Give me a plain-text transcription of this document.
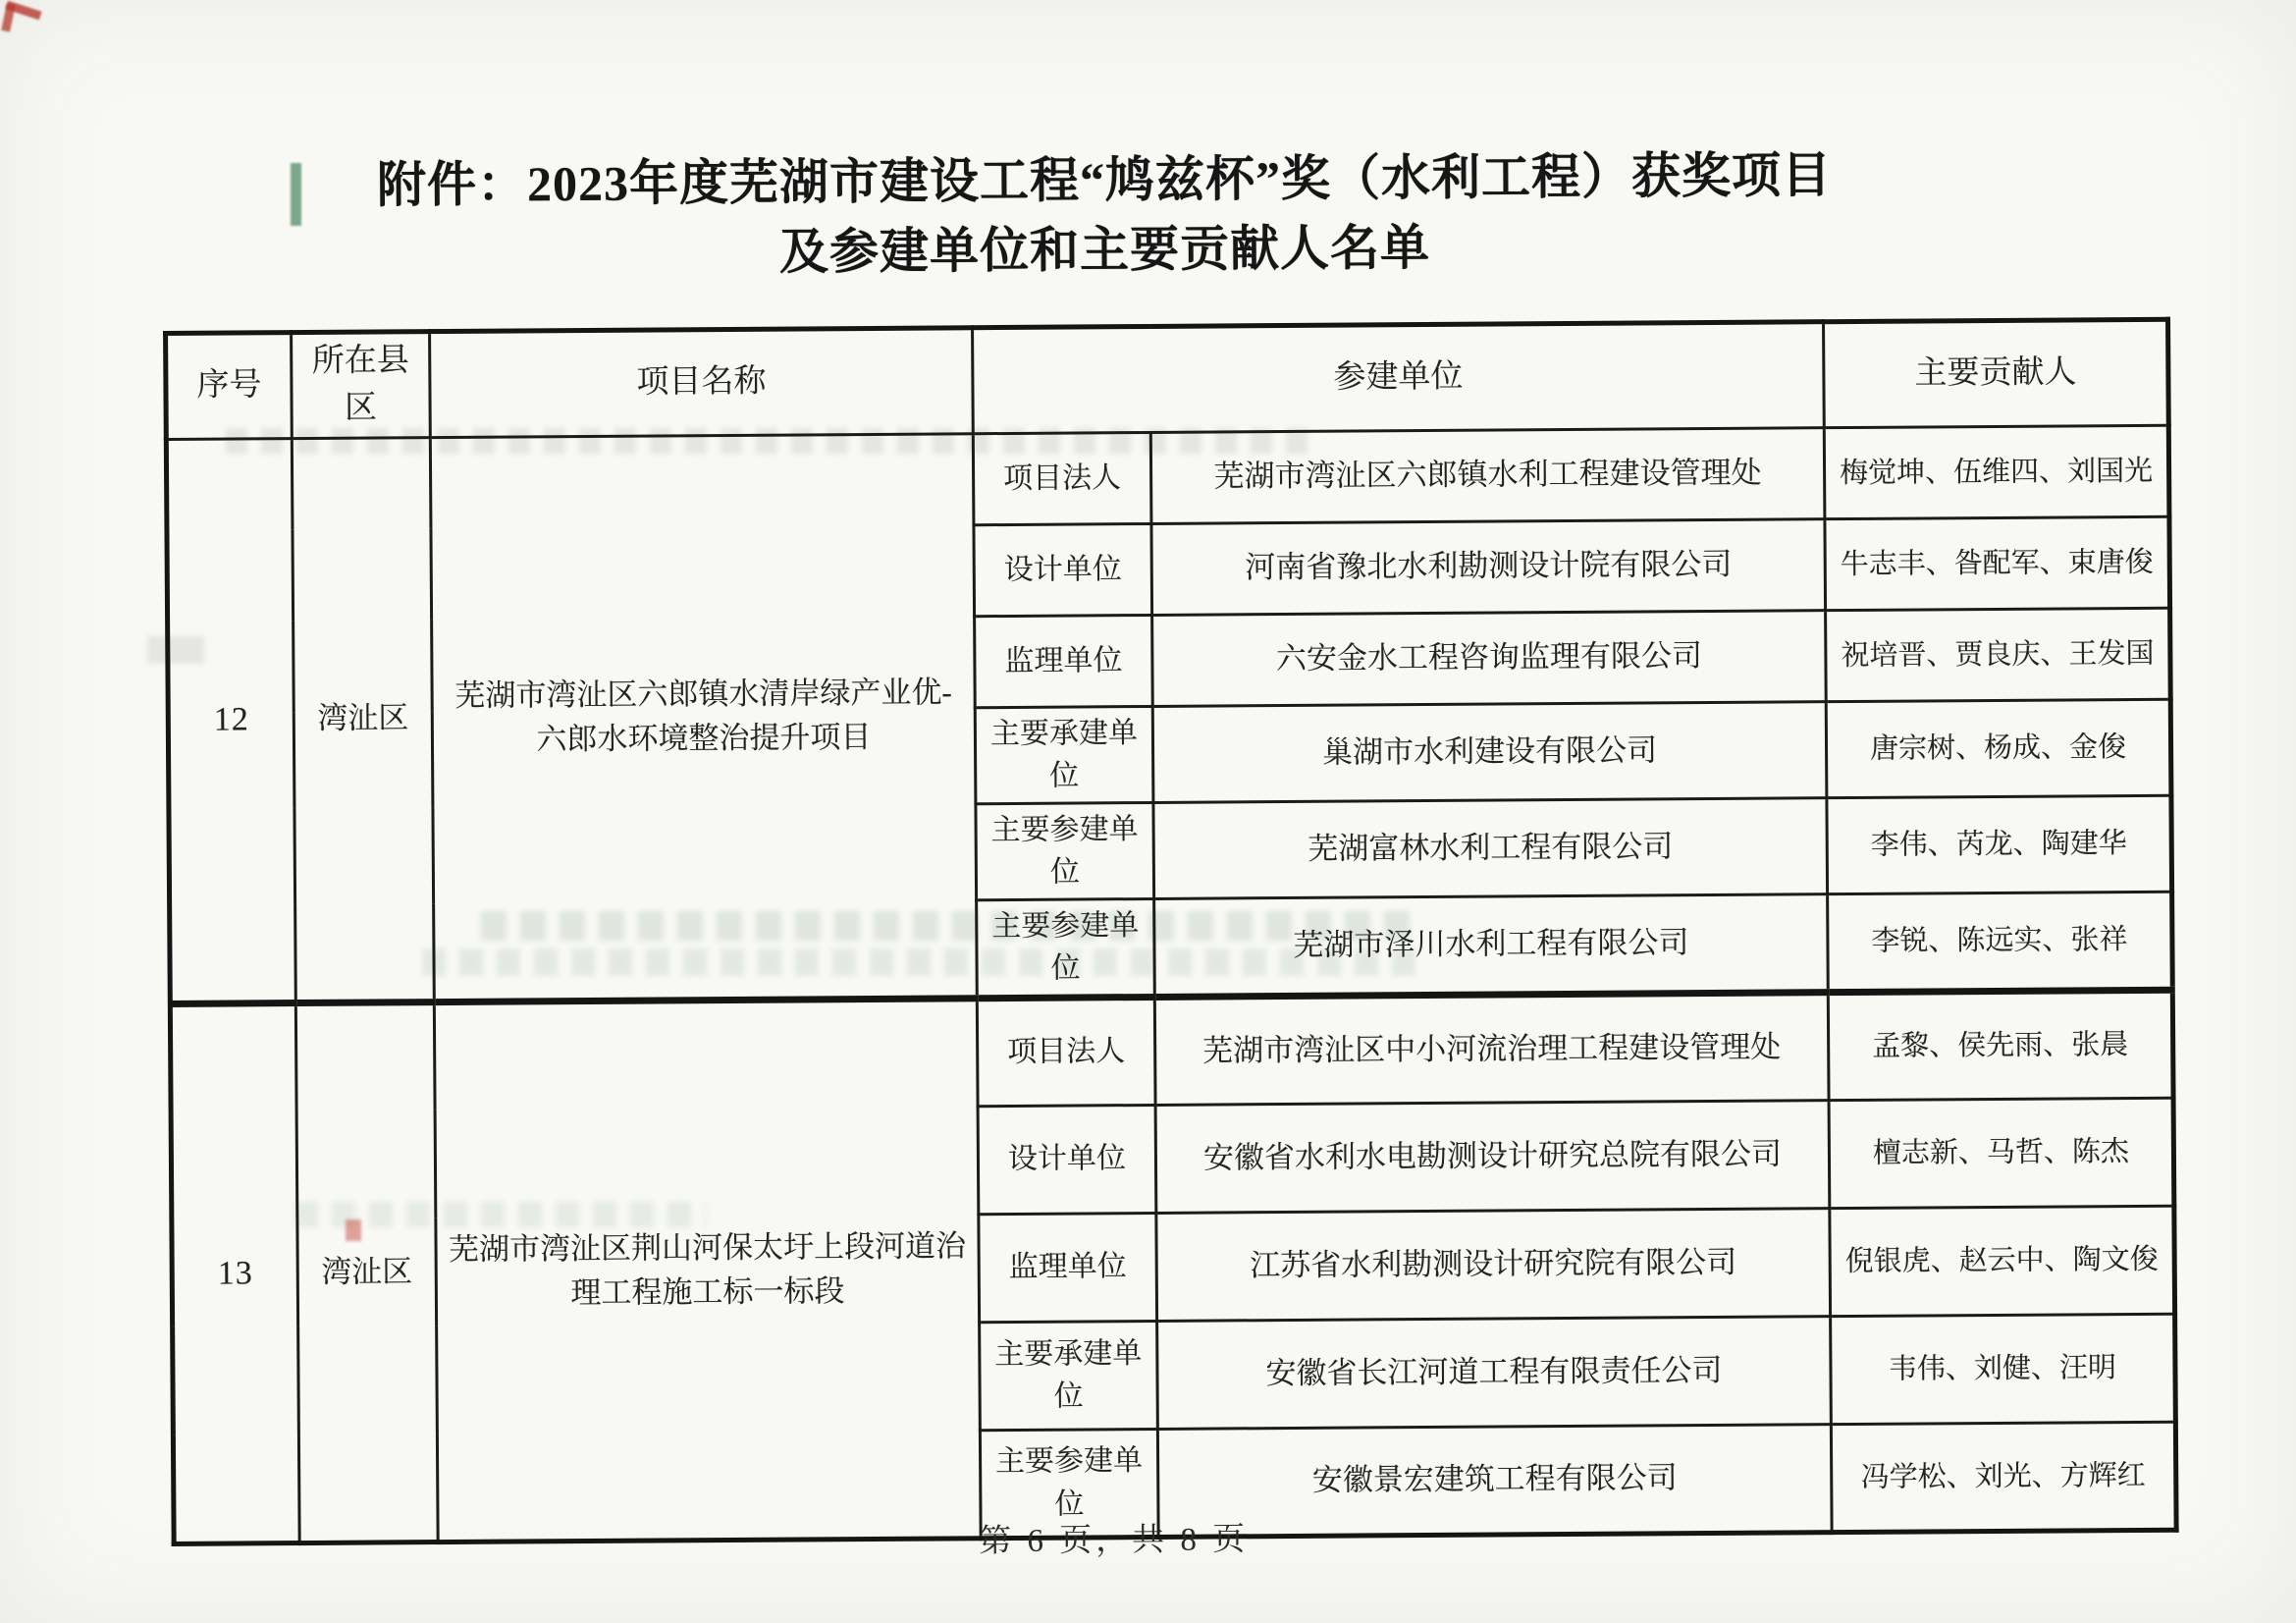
附件：2023年度芜湖市建设工程“鸠兹杯”奖（水利工程）获奖项目
及参建单位和主要贡献人名单
序号	所在县区	项目名称	参建单位		主要贡献人
12	湾沚区	芜湖市湾沚区六郎镇水清岸绿产业优-六郎水环境整治提升项目	项目法人	芜湖市湾沚区六郎镇水利工程建设管理处	梅觉坤、伍维四、刘国光
			设计单位	河南省豫北水利勘测设计院有限公司	牛志丰、昝配军、束唐俊
			监理单位	六安金水工程咨询监理有限公司	祝培晋、贾良庆、王发国
			主要承建单位	巢湖市水利建设有限公司	唐宗树、杨成、金俊
			主要参建单位	芜湖富林水利工程有限公司	李伟、芮龙、陶建华
			主要参建单位	芜湖市泽川水利工程有限公司	李锐、陈远实、张祥
13	湾沚区	芜湖市湾沚区荆山河保太圩上段河道治理工程施工标一标段	项目法人	芜湖市湾沚区中小河流治理工程建设管理处	孟黎、侯先雨、张晨
			设计单位	安徽省水利水电勘测设计研究总院有限公司	檀志新、马哲、陈杰
			监理单位	江苏省水利勘测设计研究院有限公司	倪银虎、赵云中、陶文俊
			主要承建单位	安徽省长江河道工程有限责任公司	韦伟、刘健、汪明
			主要参建单位	安徽景宏建筑工程有限公司	冯学松、刘光、方辉红
第 6 页，共 8 页
